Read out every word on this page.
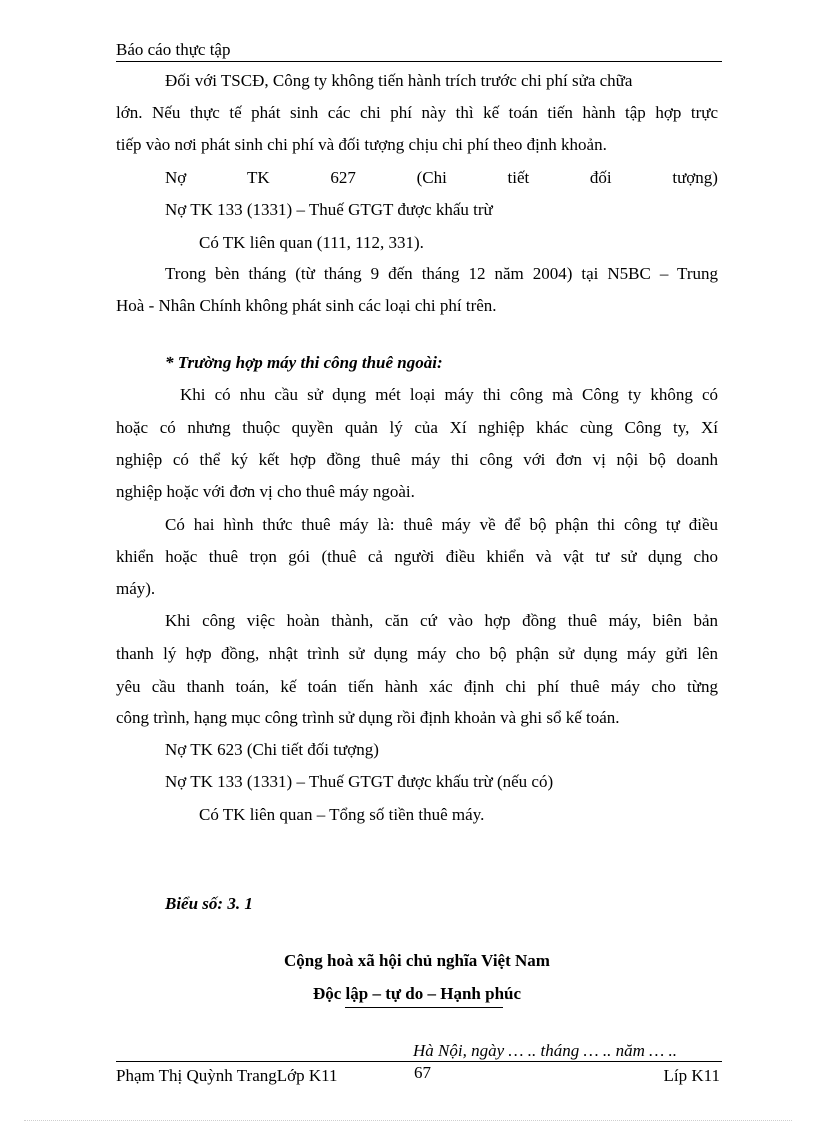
Báo cáo thực tập
Đối với TSCĐ, Công ty không tiến hành trích trước chi phí sửa chữa
lớn. Nếu thực tế phát sinh các chi phí này thì kế toán tiến hành tập hợp trực
tiếp vào nơi phát sinh chi phí và đối tượng chịu chi phí theo định khoản.
Nợ	TK	627	(Chi	tiết	đối	tượng)
Nợ TK 133 (1331) – Thuế GTGT được khấu trừ
Có TK liên quan (111, 112, 331).
Trong bèn tháng (từ tháng 9 đến tháng 12 năm 2004) tại N5BC – Trung
Hoà - Nhân Chính không phát sinh các loại chi phí trên.
* Trường hợp máy thi công thuê ngoài:
Khi có nhu cầu sử dụng mét loại máy thi công mà Công ty không có
hoặc có nhưng thuộc quyền quản lý của Xí nghiệp khác cùng Công ty, Xí
nghiệp có thể ký kết hợp đồng thuê máy thi công với đơn vị nội bộ doanh
nghiệp hoặc với đơn vị cho thuê máy ngoài.
Có hai hình thức thuê máy là: thuê máy về để bộ phận thi công tự điều
khiển hoặc thuê trọn gói (thuê cả người điều khiển và vật tư sử dụng cho
máy).
Khi công việc hoàn thành, căn cứ vào hợp đồng thuê máy, biên bản
thanh lý hợp đồng, nhật trình sử dụng máy cho bộ phận sử dụng máy gửi lên
yêu cầu thanh toán, kế toán tiến hành xác định chi phí thuê máy cho từng
công trình, hạng mục công trình sử dụng rồi định khoản và ghi sổ kế toán.
Nợ TK 623 (Chi tiết đối tượng)
Nợ TK 133 (1331) – Thuế GTGT được khấu trừ (nếu có)
Có TK liên quan – Tổng số tiền thuê máy.
Biểu số: 3. 1
Cộng hoà xã hội chủ nghĩa Việt Nam
Độc lập – tự do – Hạnh phúc
Hà Nội, ngày … .. tháng … .. năm … ..
Phạm Thị Quỳnh TrangLớp K11	67	Líp K11
